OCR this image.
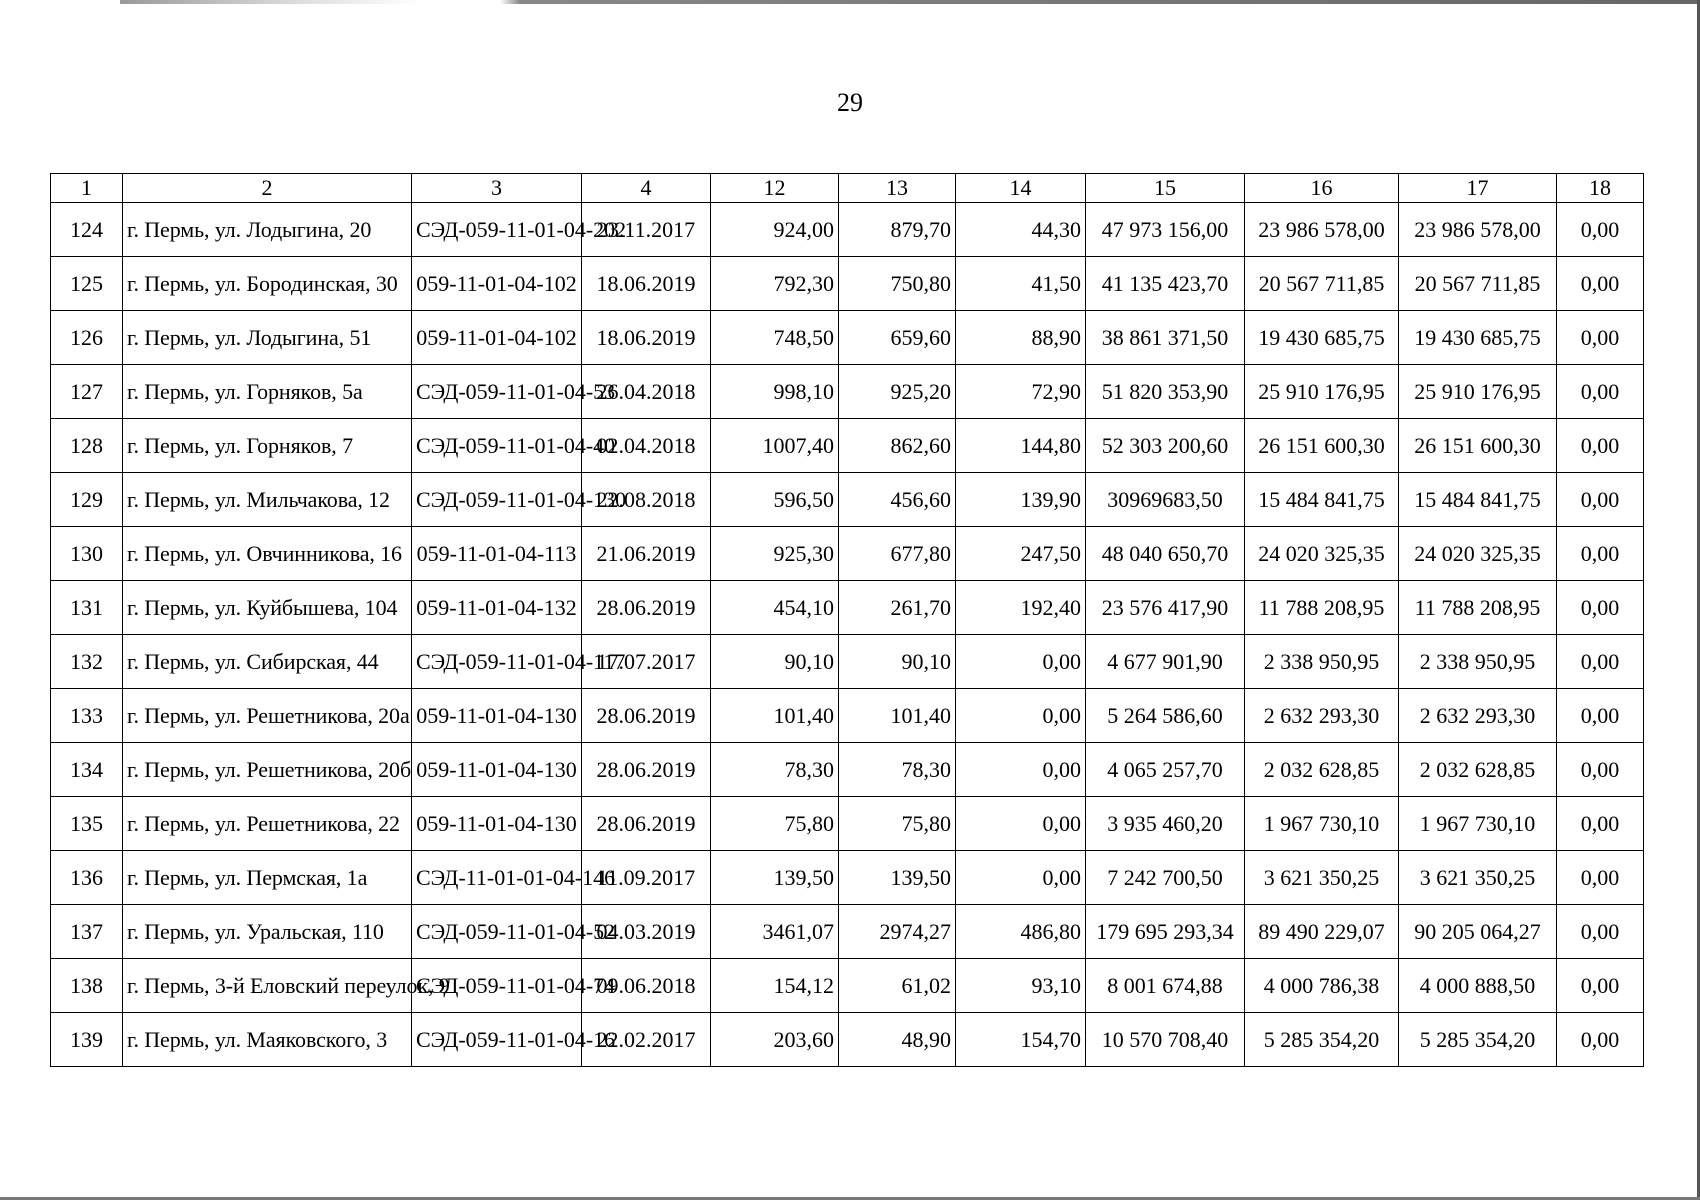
29
1	2	3	4	12	13	14	15	16	17	18
124	г. Пермь, ул. Лодыгина, 20	СЭД-059-11-01-04-202	23.11.2017	924,00	879,70	44,30	47 973 156,00	23 986 578,00	23 986 578,00	0,00
125	г. Пермь, ул. Бородинская, 30	059-11-01-04-102	18.06.2019	792,30	750,80	41,50	41 135 423,70	20 567 711,85	20 567 711,85	0,00
126	г. Пермь, ул. Лодыгина, 51	059-11-01-04-102	18.06.2019	748,50	659,60	88,90	38 861 371,50	19 430 685,75	19 430 685,75	0,00
127	г. Пермь, ул. Горняков, 5а	СЭД-059-11-01-04-53	26.04.2018	998,10	925,20	72,90	51 820 353,90	25 910 176,95	25 910 176,95	0,00
128	г. Пермь, ул. Горняков, 7	СЭД-059-11-01-04-40	02.04.2018	1007,40	862,60	144,80	52 303 200,60	26 151 600,30	26 151 600,30	0,00
129	г. Пермь, ул. Мильчакова, 12	СЭД-059-11-01-04-130	22.08.2018	596,50	456,60	139,90	30969683,50	15 484 841,75	15 484 841,75	0,00
130	г. Пермь, ул. Овчинникова, 16	059-11-01-04-113	21.06.2019	925,30	677,80	247,50	48 040 650,70	24 020 325,35	24 020 325,35	0,00
131	г. Пермь, ул. Куйбышева, 104	059-11-01-04-132	28.06.2019	454,10	261,70	192,40	23 576 417,90	11 788 208,95	11 788 208,95	0,00
132	г. Пермь, ул. Сибирская, 44	СЭД-059-11-01-04-117	17.07.2017	90,10	90,10	0,00	4 677 901,90	2 338 950,95	2 338 950,95	0,00
133	г. Пермь, ул. Решетникова, 20а	059-11-01-04-130	28.06.2019	101,40	101,40	0,00	5 264 586,60	2 632 293,30	2 632 293,30	0,00
134	г. Пермь, ул. Решетникова, 20б	059-11-01-04-130	28.06.2019	78,30	78,30	0,00	4 065 257,70	2 032 628,85	2 032 628,85	0,00
135	г. Пермь, ул. Решетникова, 22	059-11-01-04-130	28.06.2019	75,80	75,80	0,00	3 935 460,20	1 967 730,10	1 967 730,10	0,00
136	г. Пермь, ул. Пермская, 1а	СЭД-11-01-01-04-146	11.09.2017	139,50	139,50	0,00	7 242 700,50	3 621 350,25	3 621 350,25	0,00
137	г. Пермь, ул. Уральская, 110	СЭД-059-11-01-04-52	04.03.2019	3461,07	2974,27	486,80	179 695 293,34	89 490 229,07	90 205 064,27	0,00
138	г. Пермь, 3-й Еловский переулок, 9	СЭД-059-11-01-04-74	09.06.2018	154,12	61,02	93,10	8 001 674,88	4 000 786,38	4 000 888,50	0,00
139	г. Пермь, ул. Маяковского, 3	СЭД-059-11-01-04-16	22.02.2017	203,60	48,90	154,70	10 570 708,40	5 285 354,20	5 285 354,20	0,00
